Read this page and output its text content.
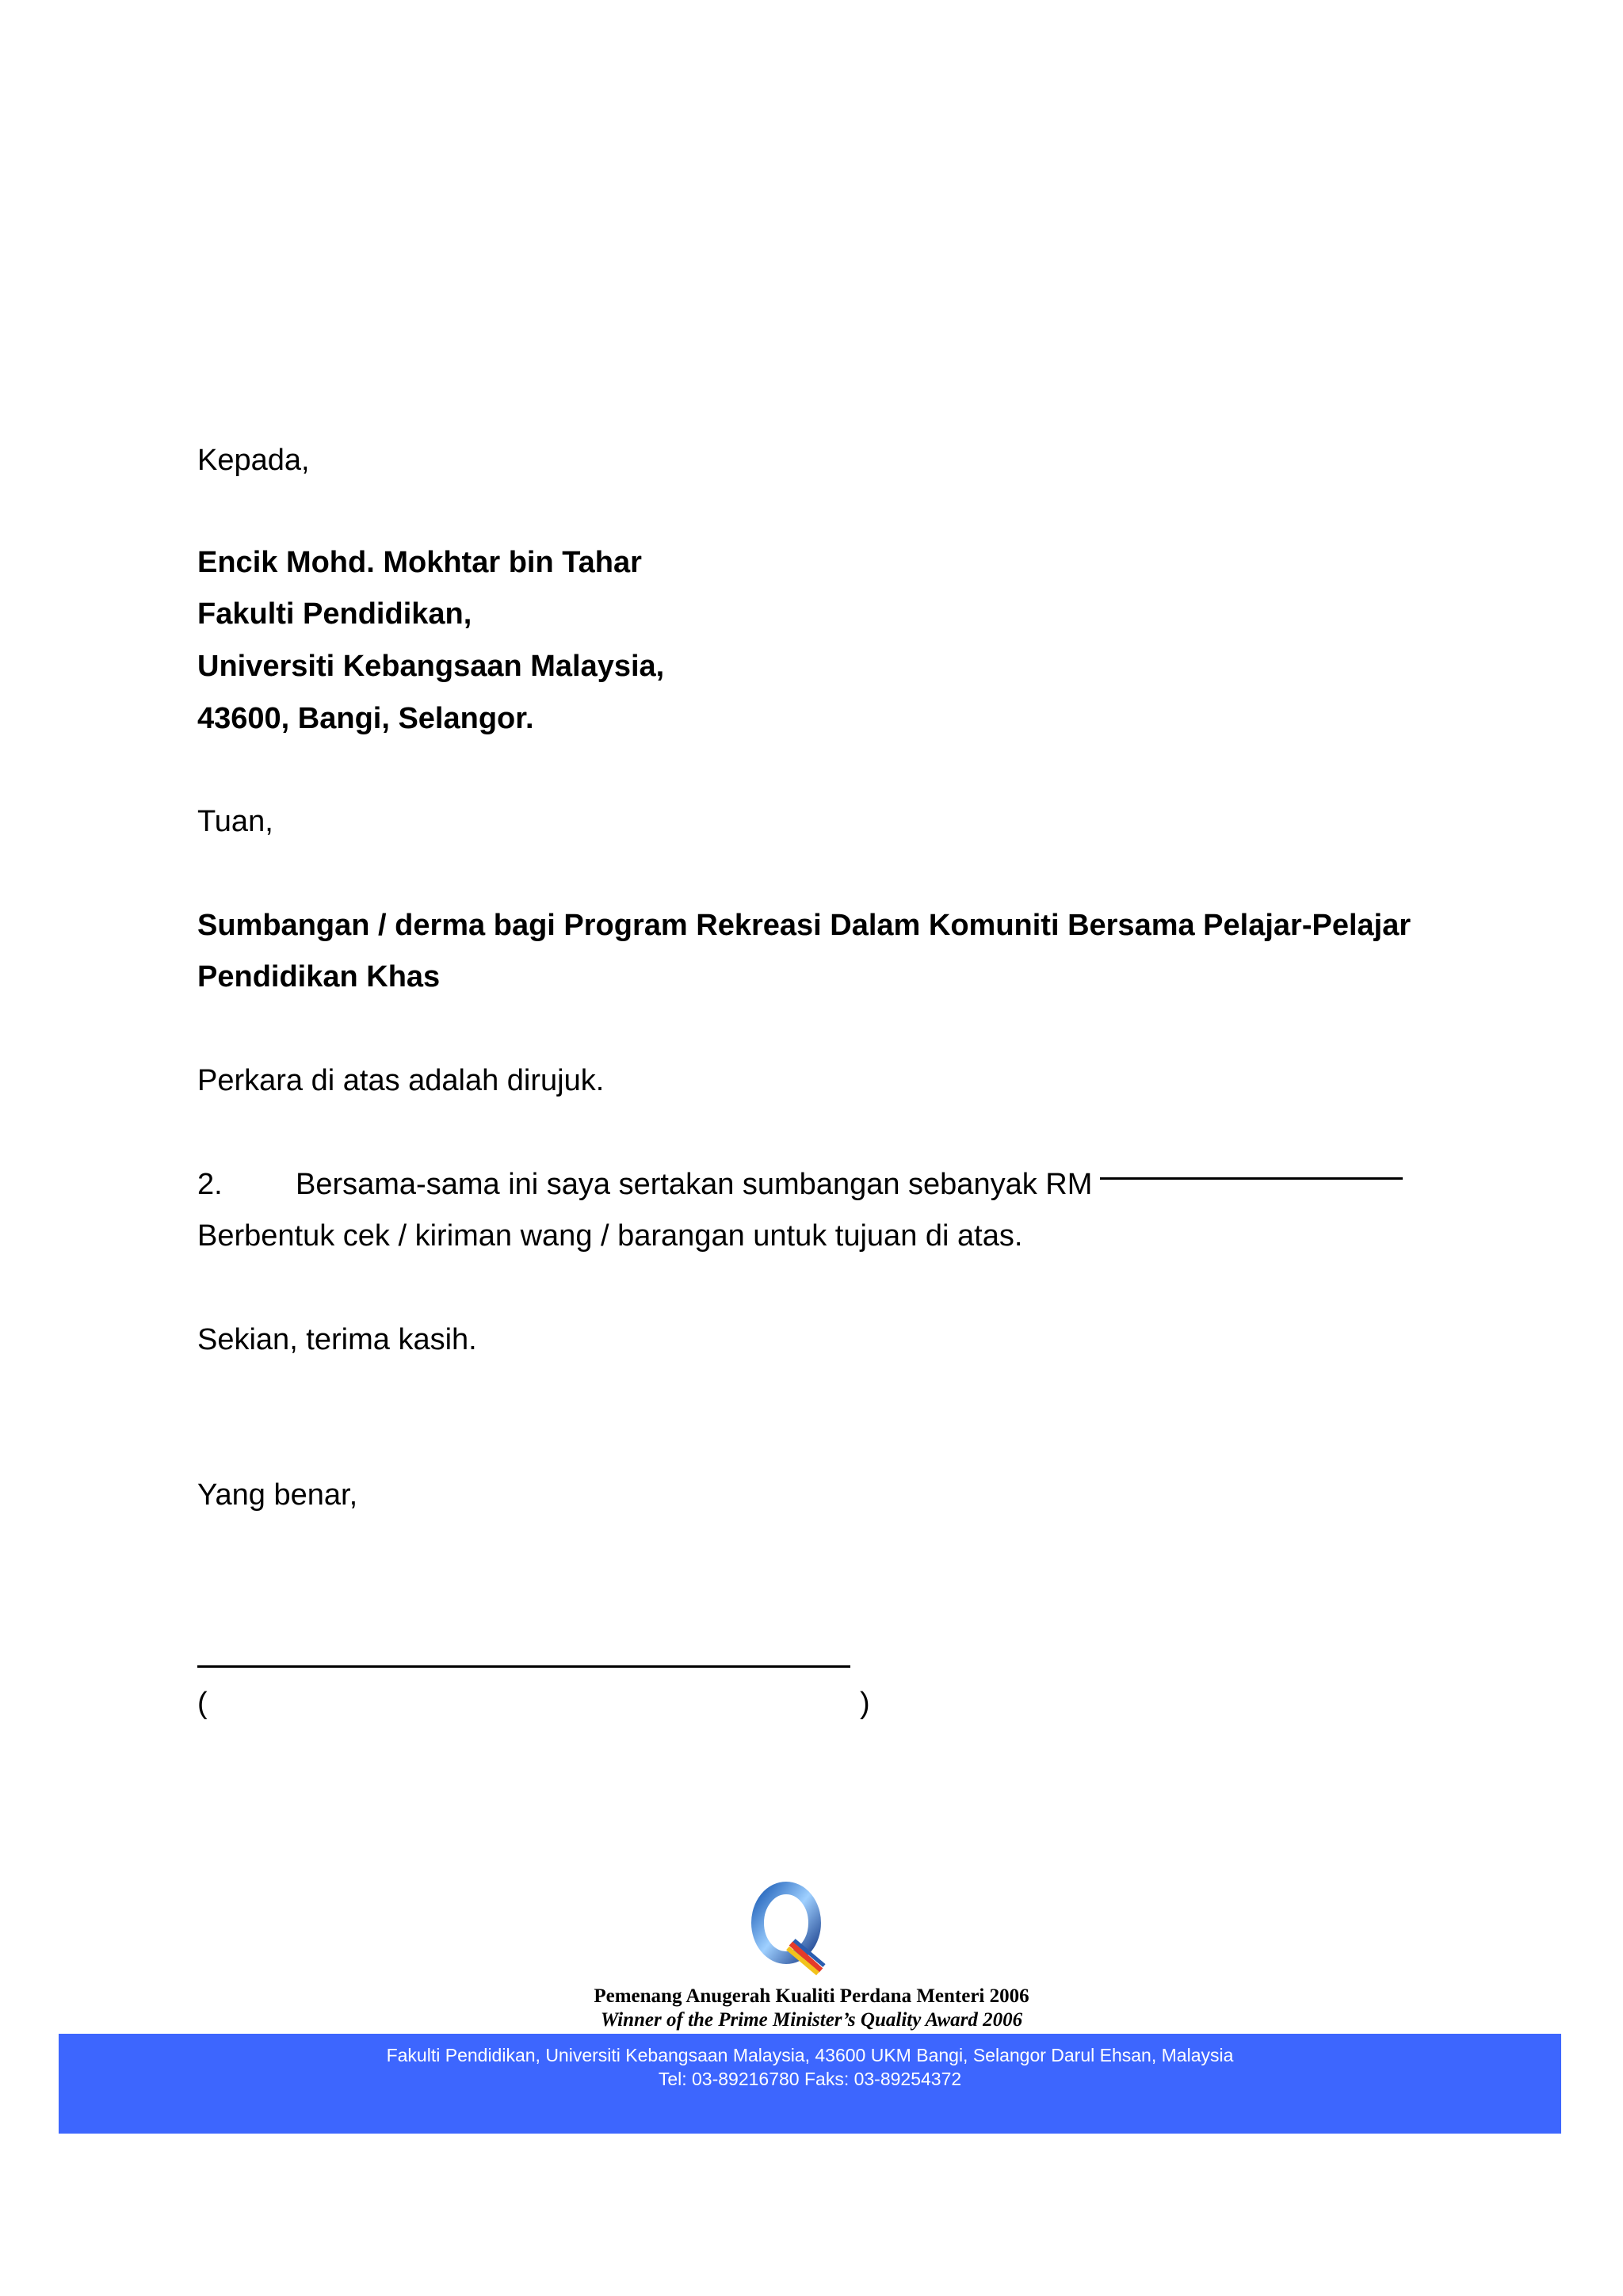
Kepada,

Encik Mohd. Mokhtar bin Tahar

Fakulti Pendidikan,

Universiti Kebangsaan Malaysia,

43600, Bangi, Selangor.

Tuan,

Sumbangan / derma bagi Program Rekreasi Dalam Komuniti Bersama Pelajar-Pelajar

Pendidikan Khas

Perkara di atas adalah dirujuk.

2. Bersama-sama ini saya sertakan sumbangan sebanyak RM

Berbentuk cek / kiriman wang / barangan untuk tujuan di atas.

Sekian, terima kasih.

Yang benar,

(	)
Pemenang Anugerah Kualiti Perdana Menteri 2006
Winner of the Prime Minister’s Quality Award 2006
Fakulti Pendidikan, Universiti Kebangsaan Malaysia, 43600 UKM Bangi, Selangor Darul Ehsan, Malaysia
Tel: 03-89216780 Faks: 03-89254372
